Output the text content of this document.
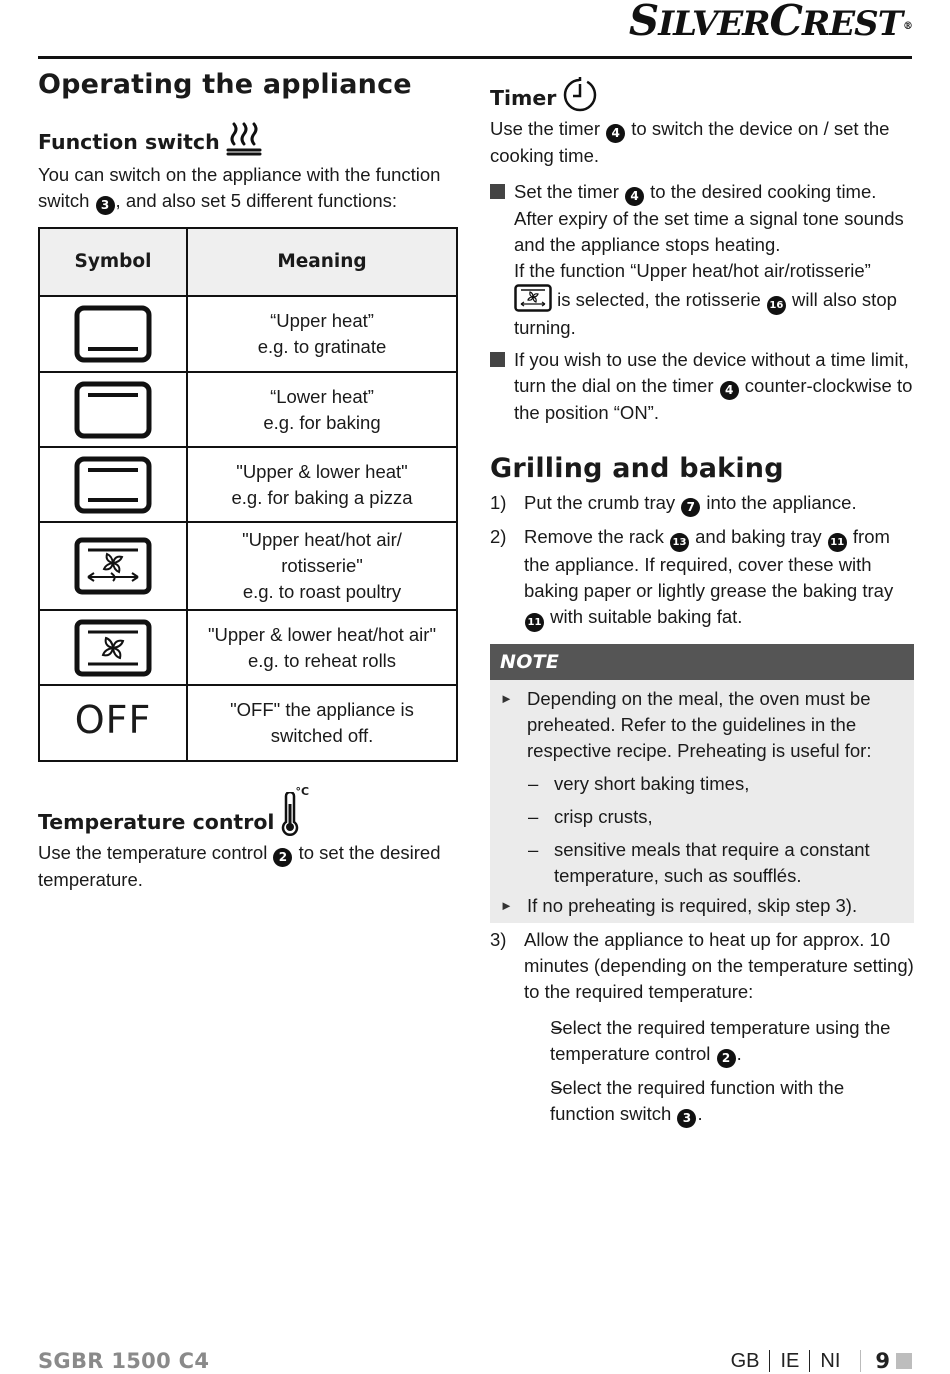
SILVERCREST®
Operating the appliance
Function switch

You can switch on the appliance with the function switch 3 , and also set 5 different functions:

Symbol	Meaning

“Upper heat”
e.g. to gratinate

“Lower heat”
e.g. for baking

"Upper & lower heat"
e.g. for baking a pizza

"Upper heat/hot air/
rotisserie"
e.g. to roast poultry

"Upper & lower heat/hot air"
e.g. to reheat rolls

OFF	"OFF" the appliance is
switched off.
Temperature control
°C

Use the temperature control 2 to set the desired temperature.

Timer

Use the timer 4 to switch the device on / set the cooking time.

Set the timer 4 to the desired cooking time. After expiry of the set time a signal tone sounds and the appliance stops heating.
If the function “Upper heat/hot air/rotisserie”

is selected, the rotisserie 16 will also stop turning.
If you wish to use the device without a time limit, turn the dial on the timer 4 counter-clockwise to the position “ON”.
Grilling and baking
1) Put the crumb tray 7 into the appliance.
2) Remove the rack 13 and baking tray 11 from the appliance. If required, cover these with baking paper or lightly grease the baking tray 11 with suitable baking fat.
NOTE
► Depending on the meal, the oven must be preheated. Refer to the guidelines in the respective recipe. Preheating is useful for:
– very short baking times,
– crisp crusts,
– sensitive meals that require a constant temperature, such as soufflés.
► If no preheating is required, skip step 3).
3) Allow the appliance to heat up for approx. 10 minutes (depending on the temperature setting) to the required temperature:
– Select the required temperature using the temperature control 2 .
– Select the required function with the function switch 3 .
SGBR 1500 C4	GB IE NI 9
